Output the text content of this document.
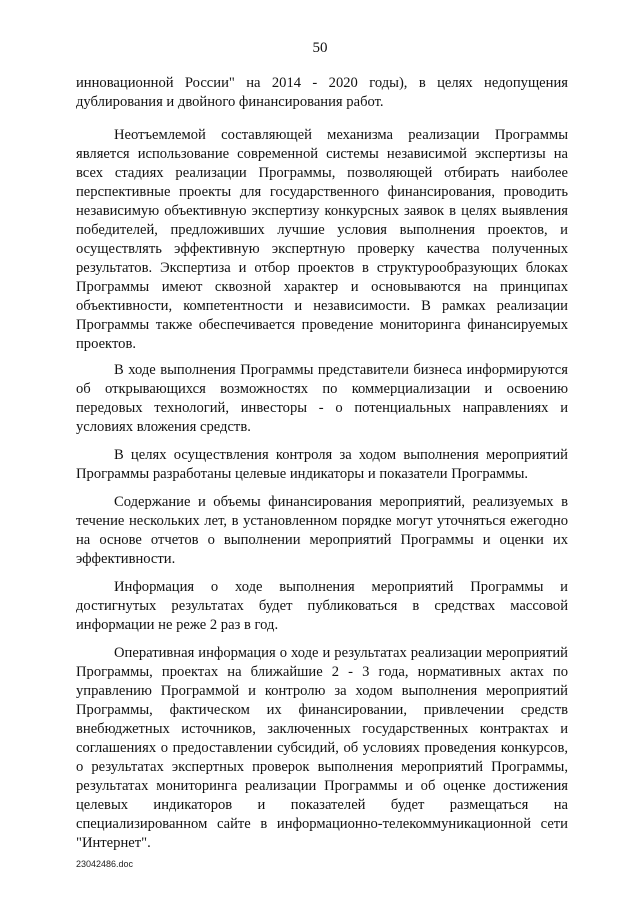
50

инновационной России" на 2014 - 2020 годы), в целях недопущения дублирования и двойного финансирования работ.

Неотъемлемой составляющей механизма реализации Программы является использование современной системы независимой экспертизы на всех стадиях реализации Программы, позволяющей отбирать наиболее перспективные проекты для государственного финансирования, проводить независимую объективную экспертизу конкурсных заявок в целях выявления победителей, предложивших лучшие условия выполнения проектов, и осуществлять эффективную экспертную проверку качества полученных результатов. Экспертиза и отбор проектов в структурообразующих блоках Программы имеют сквозной характер и основываются на принципах объективности, компетентности и независимости. В рамках реализации Программы также обеспечивается проведение мониторинга финансируемых проектов.

В ходе выполнения Программы представители бизнеса информируются об открывающихся возможностях по коммерциализации и освоению передовых технологий, инвесторы - о потенциальных направлениях и условиях вложения средств.

В целях осуществления контроля за ходом выполнения мероприятий Программы разработаны целевые индикаторы и показатели Программы.

Содержание и объемы финансирования мероприятий, реализуемых в течение нескольких лет, в установленном порядке могут уточняться ежегодно на основе отчетов о выполнении мероприятий Программы и оценки их эффективности.

Информация о ходе выполнения мероприятий Программы и достигнутых результатах будет публиковаться в средствах массовой информации не реже 2 раз в год.

Оперативная информация о ходе и результатах реализации мероприятий Программы, проектах на ближайшие 2 - 3 года, нормативных актах по управлению Программой и контролю за ходом выполнения мероприятий Программы, фактическом их финансировании, привлечении средств внебюджетных источников, заключенных государственных контрактах и соглашениях о предоставлении субсидий, об условиях проведения конкурсов, о результатах экспертных проверок выполнения мероприятий Программы, результатах мониторинга реализации Программы и об оценке достижения целевых индикаторов и показателей будет размещаться на специализированном сайте в информационно-телекоммуникационной сети "Интернет".

23042486.doc
